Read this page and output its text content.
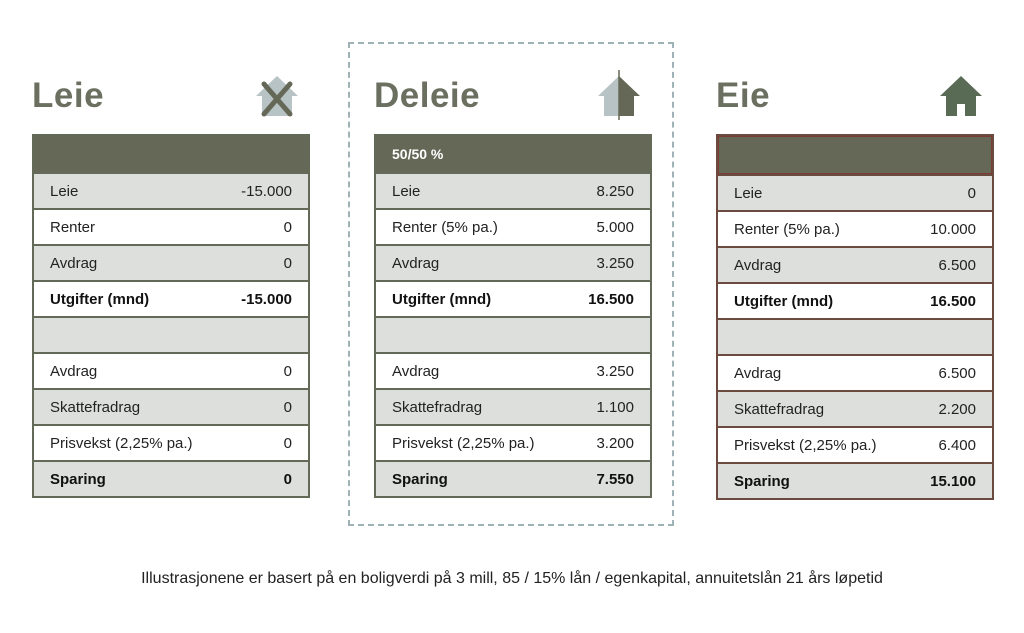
Leie
Leie	-15.000
Renter	0
Avdrag	0
Utgifter (mnd)	-15.000
Avdrag	0
Skattefradrag	0
Prisvekst (2,25% pa.)	0
Sparing	0
Deleie
50/50 %
Leie	8.250
Renter (5% pa.)	5.000
Avdrag	3.250
Utgifter (mnd)	16.500
Avdrag	3.250
Skattefradrag	1.100
Prisvekst (2,25% pa.)	3.200
Sparing	7.550
Eie
Leie	0
Renter (5% pa.)	10.000
Avdrag	6.500
Utgifter (mnd)	16.500
Avdrag	6.500
Skattefradrag	2.200
Prisvekst (2,25% pa.)	6.400
Sparing	15.100
Illustrasjonene er basert på en boligverdi på 3 mill, 85 / 15% lån / egenkapital, annuitetslån 21 års løpetid
